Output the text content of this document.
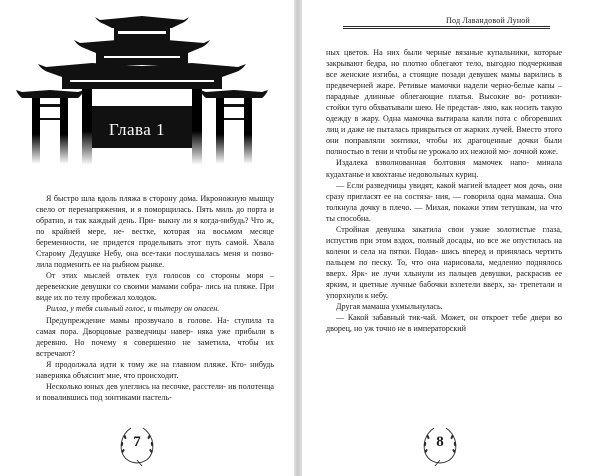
Глава 1

Я быстро шла вдоль пляжа в сторону дома. Икроножную мышцу свело от перенапряжения, и я поморщилась. Пять миль до порта и обратно, и так каждый день. При- выкну ли я когда-нибудь? Что ж, по крайней мере, не- вестке, которая на восьмом месяце беременности, не придется проделывать этот путь самой. Хвала Старому Дедушке Небу, она все-таки послушалась меня и позво- лила подменить ее на рыбном рынке.

От этих мыслей отвлек гул голосов со стороны моря – деревенские девушки со своими мамами собра- лись на пляже. При виде их по телу пробежал холодок.

Рилла, у тебя сильный голос, и тытеру он опасен.

Предупреждение мамы прозвучало в голове. На- ступила та самая пора. Дворцовые разведчицы навер- няка уже прибыли в деревню. Но почему я совершенно не заметила, чтобы их встречают?

Я продолжала идти к тому же на главном пляже. Кто- нибудь наверняка объяснит мне, что происходит.

Несколько юных дев улеглись на песочке, расстели- ив полотенца и повалившись под зонтиками пастель-

7
Под Лавандовой Луной

ных цветов. На них были черные вязаные купальники, которые закрывают бедра, но плотно облегают тело, выгодно подчеркивая все женские изгибы, а стоящие позади девушек мамы варились в предвечерней жаре. Ретивые мамочки надели черно-белые капы – парадные длинные облегающие платья. Высокие во- ротники-стойки туго обхватывали шею. Не представ- ляю, как носить такую одежду в жару. Одна мамочка вытирала капли пота с обгоревших лиц и даже не пыталась прикрыться от жарких лучей. Вместо этого они поправляли зонтики, чтобы их драгоценные дочки были полностью в тени и чтобы не урожало их нежной мо- лочной коже.

Издалека взволнованная болтовня мамочек напо- минала кудахтанье и квохтанье недовольных куриц.

— Если разведчицы увидят, какой магией владеет моя дочь, они сразу пригласят ее на состяза- ния, — говорила одна мамаша. Она толкнула дочку в плечо. — Михая, покажи этим тетушкам, на что ты способна.

Стройная девушка закатила свои узкие золотистые глаза, испустив при этом вздох, полный досады, но все же опустилась на колени и села на пятки. Подав- шись вперед и принялась чертить пальцем по песку. То, что она нарисовала, медленно поднялось вверх. Ярк- ие лучи хлынули из пальцев девушки, раскрасив ее ярким, и цветные лучные бабочки взлетели вверх, за- трепетали и упорхнули к небу.

Другая мамаша ухмыльнулась.

— Какой забавный тик-чай. Может, он откроет тебе двери во дворец, но уж точно не в императорский

8
